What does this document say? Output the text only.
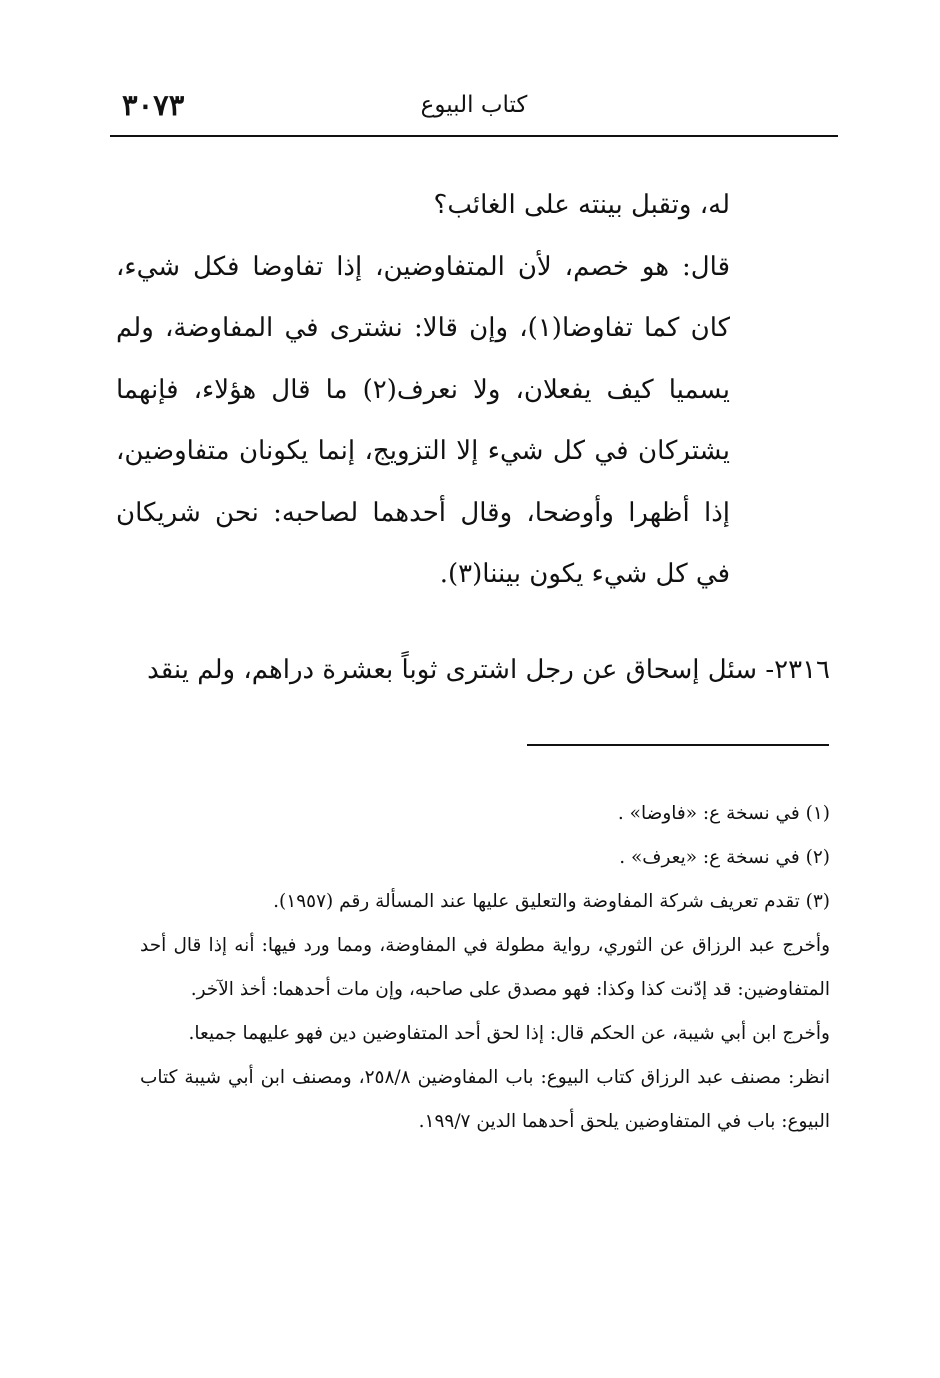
٣٠٧٣	كتاب البيوع

له، وتقبل بينته على الغائب؟

قال: هو خصم، لأن المتفاوضين، إذا تفاوضا فكل شيء، كان كما تفاوضا(١)، وإن قالا: نشترى في المفاوضة، ولم يسميا كيف يفعلان، ولا نعرف(٢) ما قال هؤلاء، فإنهما يشتركان في كل شيء إلا التزويج، إنما يكونان متفاوضين، إذا أظهرا وأوضحا، وقال أحدهما لصاحبه: نحن شريكان في كل شيء يكون بيننا(٣).

٢٣١٦- سئل إسحاق عن رجل اشترى ثوباً بعشرة دراهم، ولم ينقد

(١) في نسخة ع: «فاوضا» .

(٢) في نسخة ع: «يعرف» .

(٣) تقدم تعريف شركة المفاوضة والتعليق عليها عند المسألة رقم (١٩٥٧).

وأخرج عبد الرزاق عن الثوري، رواية مطولة في المفاوضة، ومما ورد فيها: أنه إذا قال أحد المتفاوضين: قد إدّنت كذا وكذا: فهو مصدق على صاحبه، وإن مات أحدهما: أخذ الآخر.

وأخرج ابن أبي شيبة، عن الحكم قال: إذا لحق أحد المتفاوضين دين فهو عليهما جميعا.

انظر: مصنف عبد الرزاق كتاب البيوع: باب المفاوضين ٢٥٨/٨، ومصنف ابن أبي شيبة كتاب البيوع: باب في المتفاوضين يلحق أحدهما الدين ١٩٩/٧.
